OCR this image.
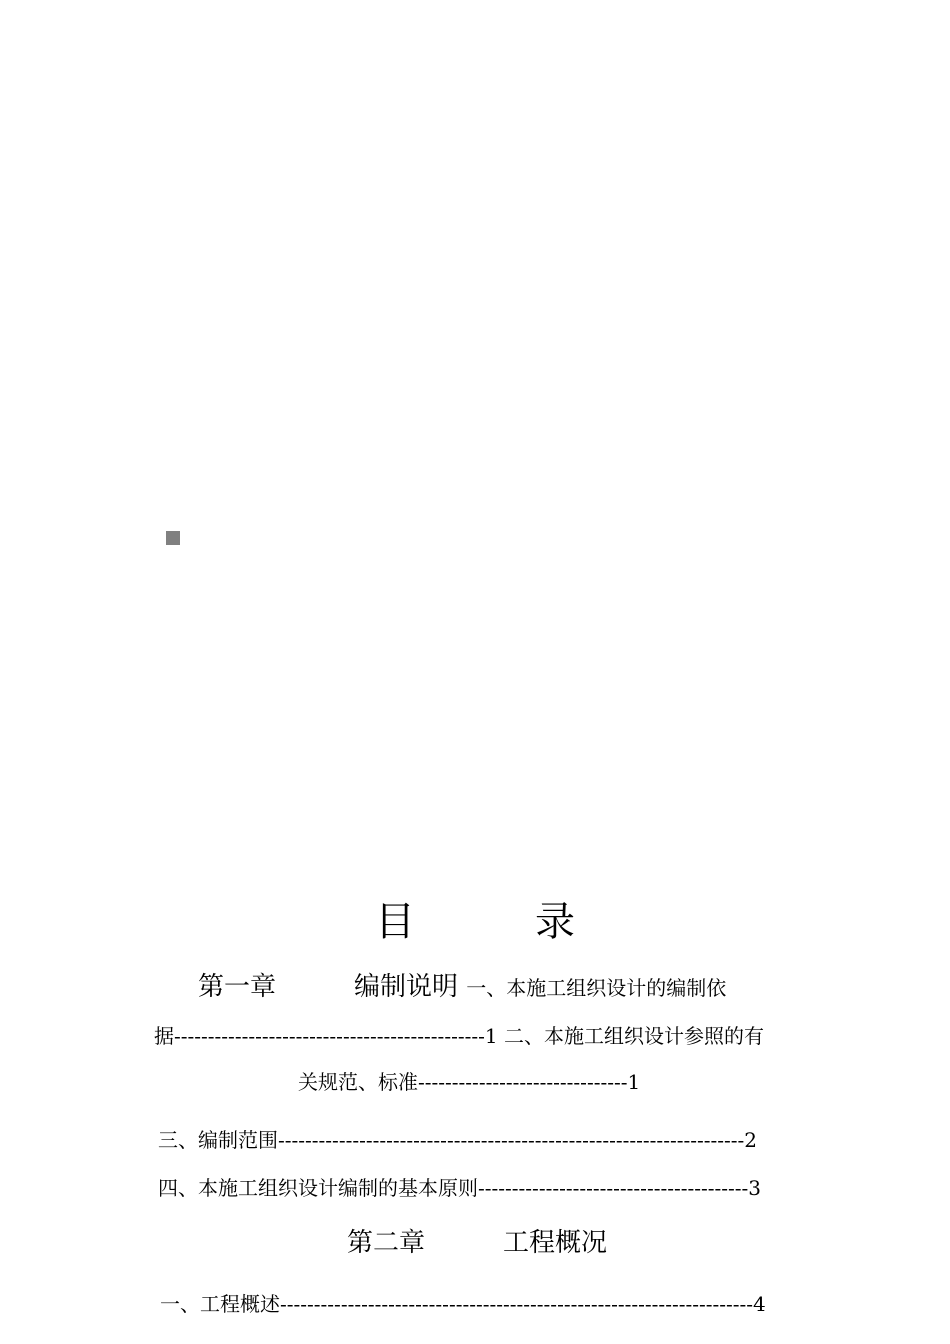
目　　　录
第一章　　　编制说明 一、本施工组织设计的编制依
据----------------------------------------------1 二、本施工组织设计参照的有
关规范、标准-------------------------------1
三、编制范围---------------------------------------------------------------------2
四、本施工组织设计编制的基本原则----------------------------------------3
第二章　　　工程概况
一、工程概述----------------------------------------------------------------------4
